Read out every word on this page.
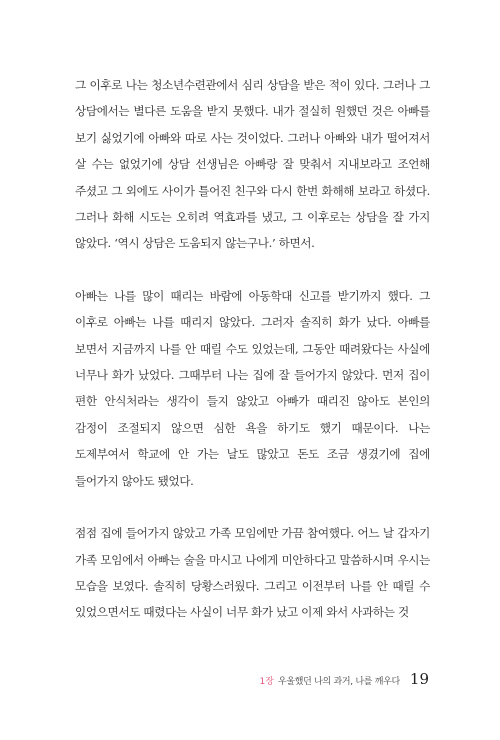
그 이후로 나는 청소년수련관에서 심리 상담을 받은 적이 있다. 그러나 그 상담에서는 별다른 도움을 받지 못했다. 내가 절실히 원했던 것은 아빠를 보기 싫었기에 아빠와 따로 사는 것이었다. 그러나 아빠와 내가 떨어져서 살 수는 없었기에 상담 선생님은 아빠랑 잘 맞춰서 지내보라고 조언해 주셨고 그 외에도 사이가 틀어진 친구와 다시 한번 화해해 보라고 하셨다. 그러나 화해 시도는 오히려 역효과를 냈고, 그 이후로는 상담을 잘 가지 않았다. ‘역시 상담은 도움되지 않는구나.’ 하면서.

아빠는 나를 많이 때리는 바람에 아동학대 신고를 받기까지 했다. 그 이후로 아빠는 나를 때리지 않았다. 그러자 솔직히 화가 났다. 아빠를 보면서 지금까지 나를 안 때릴 수도 있었는데, 그동안 때려왔다는 사실에 너무나 화가 났었다. 그때부터 나는 집에 잘 들어가지 않았다. 먼저 집이 편한 안식처라는 생각이 들지 않았고 아빠가 때리진 않아도 본인의 감정이 조절되지 않으면 심한 욕을 하기도 했기 때문이다. 나는 도제부여서 학교에 안 가는 날도 많았고 돈도 조금 생겼기에 집에 들어가지 않아도 됐었다.

점점 집에 들어가지 않았고 가족 모임에만 가끔 참여했다. 어느 날 갑자기 가족 모임에서 아빠는 술을 마시고 나에게 미안하다고 말씀하시며 우시는 모습을 보였다. 솔직히 당황스러웠다. 그리고 이전부터 나를 안 때릴 수 있었으면서도 때렸다는 사실이 너무 화가 났고 이제 와서 사과하는 것

1장 우울했던 나의 과거, 나를 깨우다 19
